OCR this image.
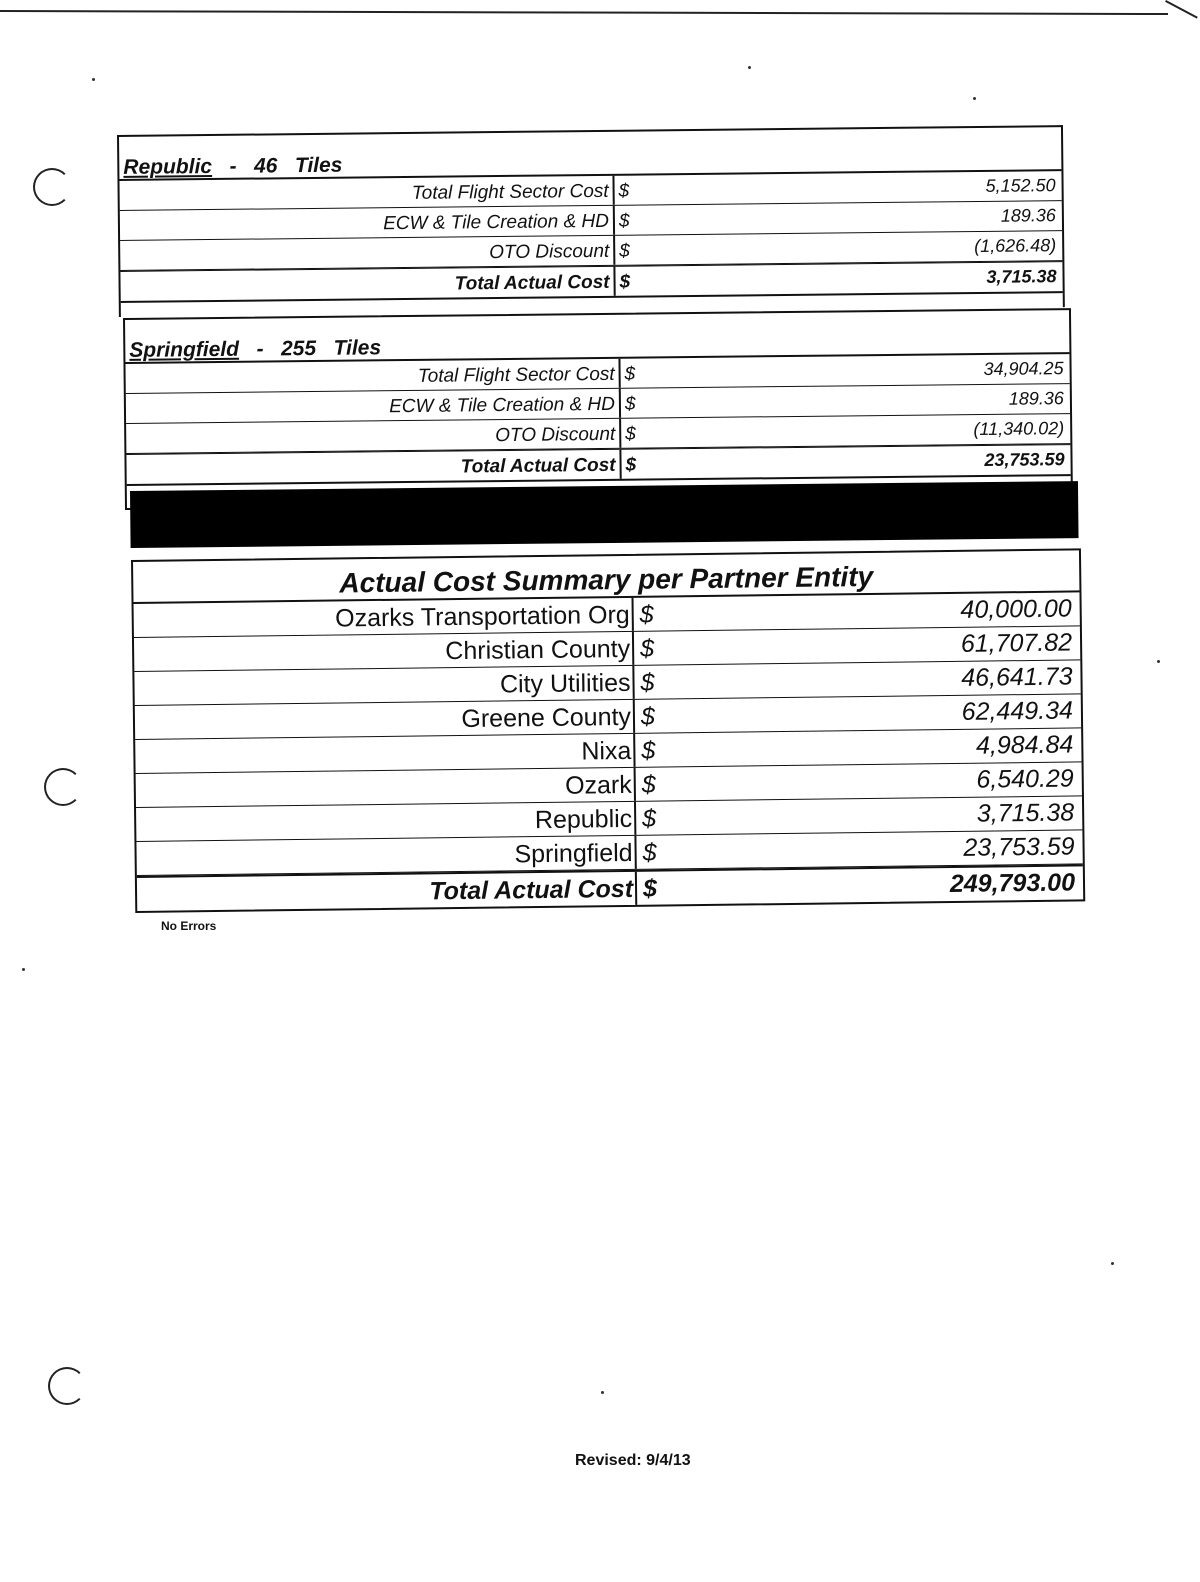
Republic - 46 Tiles
Total Flight Sector Cost $	5,152.50
ECW & Tile Creation & HD $	189.36
OTO Discount $	(1,626.48)
Total Actual Cost $	3,715.38
Springfield - 255 Tiles
Total Flight Sector Cost $	34,904.25
ECW & Tile Creation & HD $	189.36
OTO Discount $	(11,340.02)
Total Actual Cost $	23,753.59
Actual Cost Summary per Partner Entity
Ozarks Transportation Org $	40,000.00
Christian County $	61,707.82
City Utilities $	46,641.73
Greene County $	62,449.34
Nixa $	4,984.84
Ozark $	6,540.29
Republic $	3,715.38
Springfield $	23,753.59
Total Actual Cost $	249,793.00
No Errors
Revised: 9/4/13
